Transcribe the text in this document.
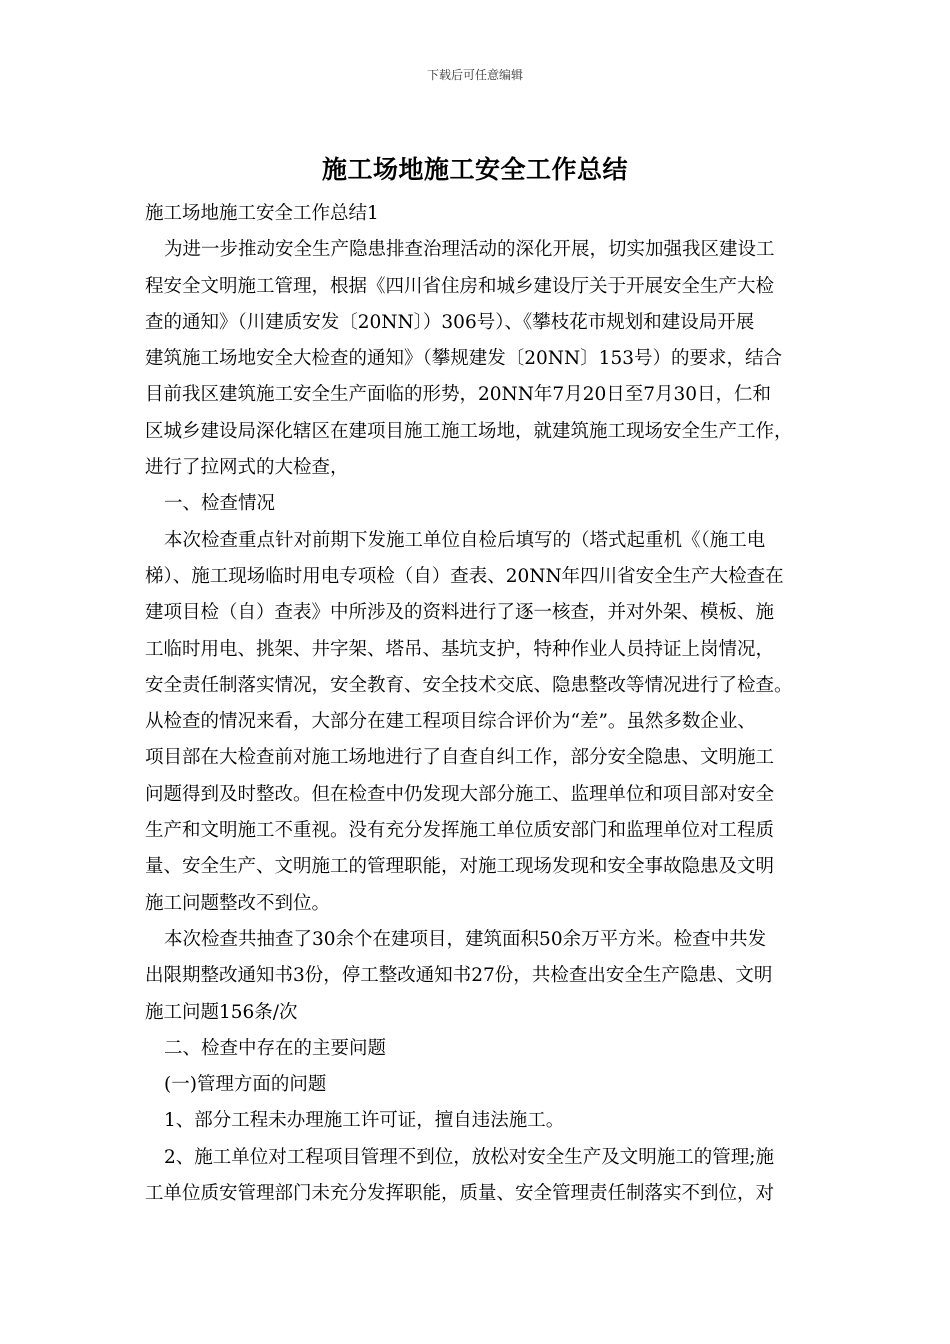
下载后可任意编辑
施工场地施工安全工作总结
施工场地施工安全工作总结1
为进一步推动安全生产隐患排查治理活动的深化开展，切实加强我区建设工
程安全文明施工管理，根据《四川省住房和城乡建设厅关于开展安全生产大检
查的通知》（川建质安发〔20NN〕）306号）、《攀枝花市规划和建设局开展
建筑施工场地安全大检查的通知》（攀规建发〔20NN〕153号）的要求，结合
目前我区建筑施工安全生产面临的形势，20NN年7月20日至7月30日，仁和
区城乡建设局深化辖区在建项目施工施工场地，就建筑施工现场安全生产工作，
进行了拉网式的大检查，
一、检查情况
本次检查重点针对前期下发施工单位自检后填写的（塔式起重机《（施工电
梯）、施工现场临时用电专项检（自）查表、20NN年四川省安全生产大检查在
建项目检（自）查表》中所涉及的资料进行了逐一核查，并对外架、模板、施
工临时用电、挑架、井字架、塔吊、基坑支护，特种作业人员持证上岗情况，
安全责任制落实情况，安全教育、安全技术交底、隐患整改等情况进行了检查。
从检查的情况来看，大部分在建工程项目综合评价为“差”。虽然多数企业、
项目部在大检查前对施工场地进行了自查自纠工作，部分安全隐患、文明施工
问题得到及时整改。但在检查中仍发现大部分施工、监理单位和项目部对安全
生产和文明施工不重视。没有充分发挥施工单位质安部门和监理单位对工程质
量、安全生产、文明施工的管理职能，对施工现场发现和安全事故隐患及文明
施工问题整改不到位。
本次检查共抽查了30余个在建项目，建筑面积50余万平方米。检查中共发
出限期整改通知书3份，停工整改通知书27份，共检查出安全生产隐患、文明
施工问题156条/次
二、检查中存在的主要问题
(一)管理方面的问题
1、部分工程未办理施工许可证，擅自违法施工。
2、施工单位对工程项目管理不到位，放松对安全生产及文明施工的管理;施
工单位质安管理部门未充分发挥职能，质量、安全管理责任制落实不到位，对
